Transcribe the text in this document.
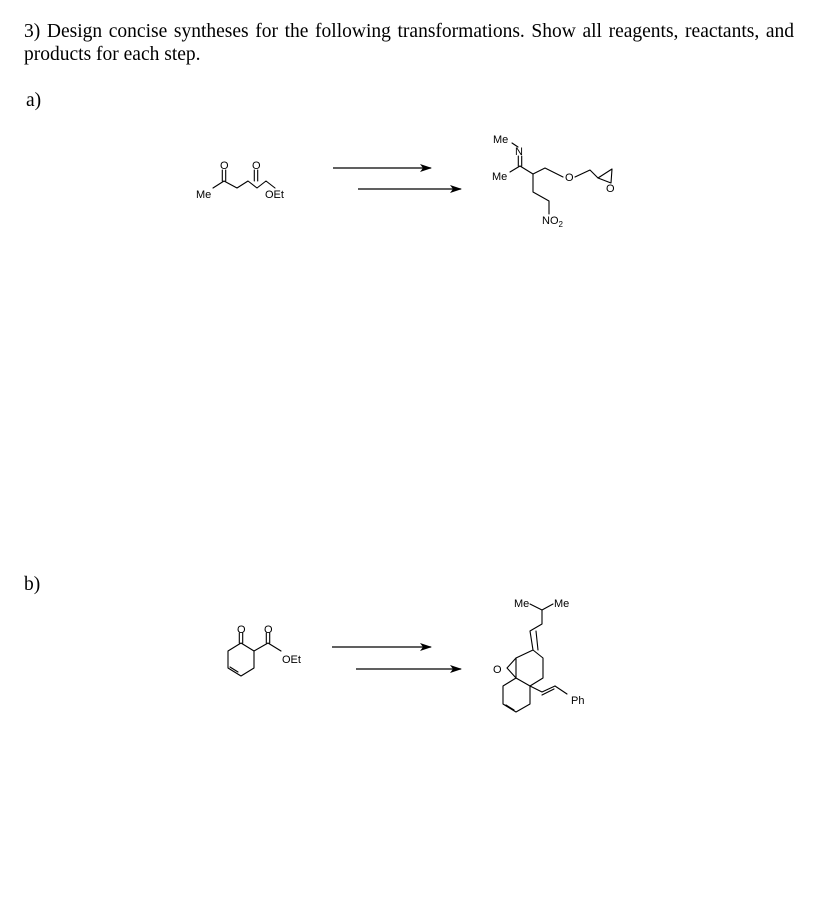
3) Design concise syntheses for the following transformations. Show all reagents, reactants, and products for each step.
a)
b)
Me	OEt
O O
Me
N
Me	O
O
$NO_2$
O O
OEt
Me Me
O
Ph
